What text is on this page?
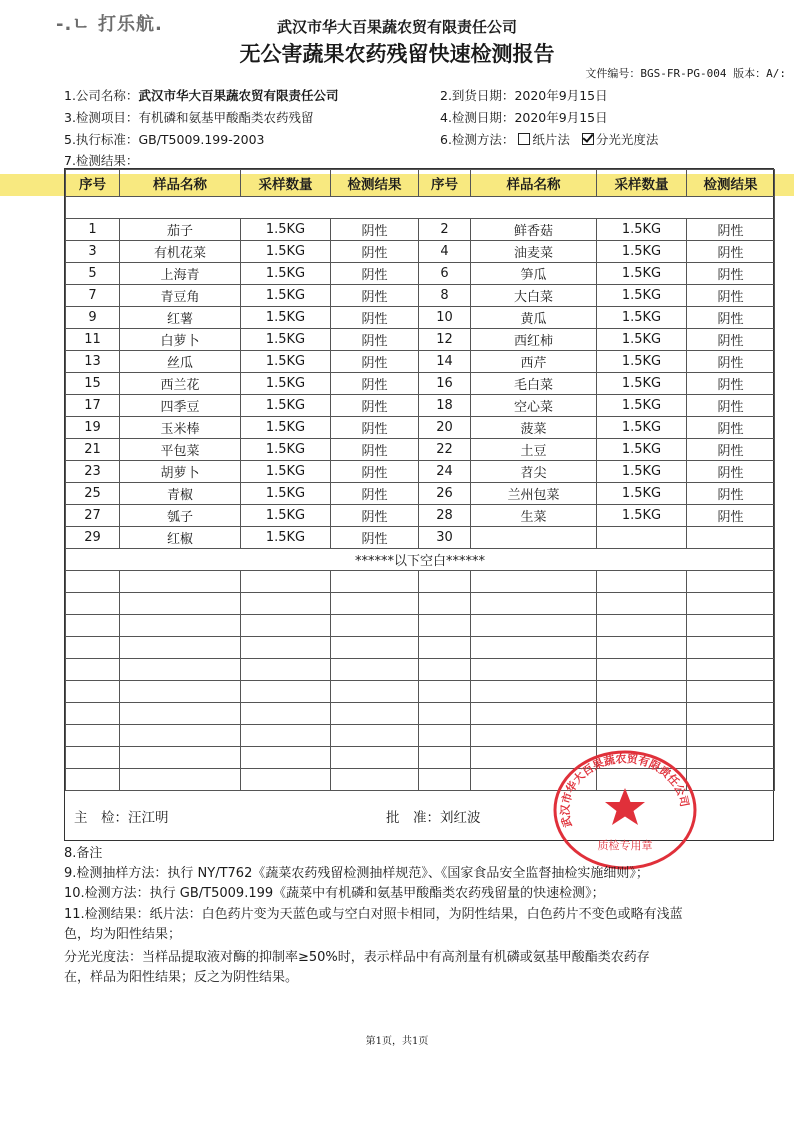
-.ㄴ 打乐航.	武汉市华大百果蔬农贸有限责任公司
无公害蔬果农药残留快速检测报告
文件编号：BGS-FR-PG-004 版本：A/:
1.公司名称：武汉市华大百果蔬农贸有限责任公司	2.到货日期：2020年9月15日
3.检测项目：有机磷和氨基甲酸酯类农药残留	4.检测日期：2020年9月15日
5.执行标准：GB/T5009.199-2003	6.检测方法： 纸片法 分光光度法
7.检测结果：
序号	样品名称	采样数量	检测结果	序号	样品名称	采样数量	检测结果

1	茄子	1.5KG	阴性	2	鲜香菇	1.5KG	阴性
3	有机花菜	1.5KG	阴性	4	油麦菜	1.5KG	阴性
5	上海青	1.5KG	阴性	6	笋瓜	1.5KG	阴性
7	青豆角	1.5KG	阴性	8	大白菜	1.5KG	阴性
9	红薯	1.5KG	阴性	10	黄瓜	1.5KG	阴性
11	白萝卜	1.5KG	阴性	12	西红柿	1.5KG	阴性
13	丝瓜	1.5KG	阴性	14	西芹	1.5KG	阴性
15	西兰花	1.5KG	阴性	16	毛白菜	1.5KG	阴性
17	四季豆	1.5KG	阴性	18	空心菜	1.5KG	阴性
19	玉米棒	1.5KG	阴性	20	菠菜	1.5KG	阴性
21	平包菜	1.5KG	阴性	22	土豆	1.5KG	阴性
23	胡萝卜	1.5KG	阴性	24	苕尖	1.5KG	阴性
25	青椒	1.5KG	阴性	26	兰州包菜	1.5KG	阴性
27	瓠子	1.5KG	阴性	28	生菜	1.5KG	阴性
29	红椒	1.5KG	阴性	30			
******以下空白******							

主　检：汪江明	批　准：刘红波	武汉市华大百果蔬农贸有限责任公司
质检专用章
8.备注
9.检测抽样方法：执行 NY/T762《蔬菜农药残留检测抽样规范》、《国家食品安全监督抽检实施细则》；
10.检测方法：执行 GB/T5009.199《蔬菜中有机磷和氨基甲酸酯类农药残留量的快速检测》；
11.检测结果：纸片法：白色药片变为天蓝色或与空白对照卡相同，为阴性结果，白色药片不变色或略有浅蓝
色，均为阳性结果；
分光光度法：当样品提取液对酶的抑制率≥50%时，表示样品中有高剂量有机磷或氨基甲酸酯类农药存
在，样品为阳性结果；反之为阴性结果。
第1页，共1页
